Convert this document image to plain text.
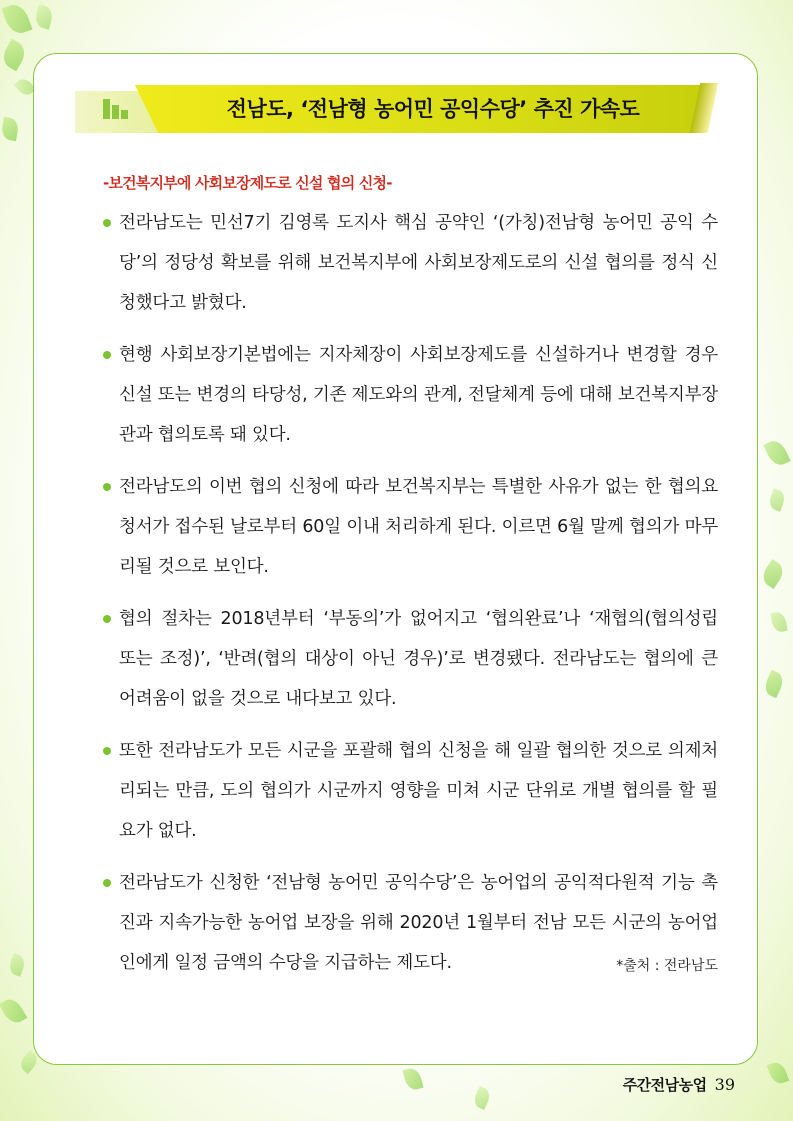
전남도, ‘전남형 농어민 공익수당’ 추진 가속도

-보건복지부에 사회보장제도로 신설 협의 신청-

전라남도는 민선7기 김영록 도지사 핵심 공약인 ‘(가칭)전남형 농어민 공익 수당’의 정당성 확보를 위해 보건복지부에 사회보장제도로의 신설 협의를 정식 신청했다고 밝혔다.
현행 사회보장기본법에는 지자체장이 사회보장제도를 신설하거나 변경할 경우 신설 또는 변경의 타당성, 기존 제도와의 관계, 전달체계 등에 대해 보건복지부장관과 협의토록 돼 있다.
전라남도의 이번 협의 신청에 따라 보건복지부는 특별한 사유가 없는 한 협의요청서가 접수된 날로부터 60일 이내 처리하게 된다. 이르면 6월 말께 협의가 마무리될 것으로 보인다.
협의 절차는 2018년부터 ‘부동의’가 없어지고 ‘협의완료’나 ‘재협의(협의성립 또는 조정)’, ‘반려(협의 대상이 아닌 경우)’로 변경됐다. 전라남도는 협의에 큰 어려움이 없을 것으로 내다보고 있다.
또한 전라남도가 모든 시군을 포괄해 협의 신청을 해 일괄 협의한 것으로 의제처리되는 만큼, 도의 협의가 시군까지 영향을 미쳐 시군 단위로 개별 협의를 할 필요가 없다.
전라남도가 신청한 ‘전남형 농어민 공익수당’은 농어업의 공익적다원적 기능 촉진과 지속가능한 농어업 보장을 위해 2020년 1월부터 전남 모든 시군의 농어업인에게 일정 금액의 수당을 지급하는 제도다.	*출처 : 전라남도

주간전남농업 39
